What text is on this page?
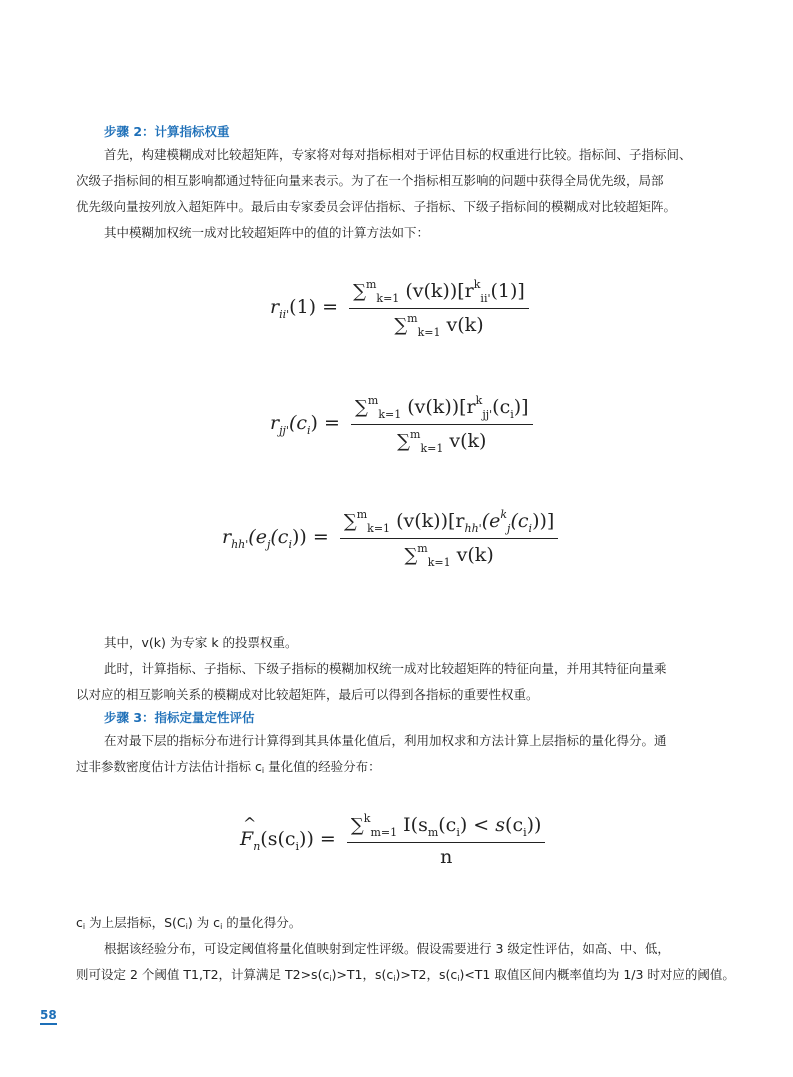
步骤 2：计算指标权重
首先，构建模糊成对比较超矩阵，专家将对每对指标相对于评估目标的权重进行比较。指标间、子指标间、
次级子指标间的相互影响都通过特征向量来表示。为了在一个指标相互影响的问题中获得全局优先级，局部
优先级向量按列放入超矩阵中。最后由专家委员会评估指标、子指标、下级子指标间的模糊成对比较超矩阵。
其中模糊加权统一成对比较超矩阵中的值的计算方法如下：
$r_{ii'}(1) = \frac{\sum^m_{k=1} (v(k))[r^k_{ii'}(1)]}{\sum^m_{k=1} v(k)}$
$r_{jj'}(c_i) = \frac{\sum^m_{k=1} (v(k))[r^k_{jj'}(c_i)]}{\sum^m_{k=1} v(k)}$
$r_{hh'}(e_j(c_i)) = \frac{\sum^m_{k=1} (v(k))[r_{hh'}(e^k_j(c_i))]}{\sum^m_{k=1} v(k)}$
其中，v(k) 为专家 k 的投票权重。
此时，计算指标、子指标、下级子指标的模糊加权统一成对比较超矩阵的特征向量，并用其特征向量乘
以对应的相互影响关系的模糊成对比较超矩阵，最后可以得到各指标的重要性权重。
步骤 3：指标定量定性评估
在对最下层的指标分布进行计算得到其具体量化值后，利用加权求和方法计算上层指标的量化得分。通
过非参数密度估计方法估计指标 $c_i$ 量化值的经验分布：
^
$F_n(s(c_i)) = \frac{\sum^k_{m=1} I(s_m(c_i) < s(c_i))}{n}$
$c_i$ 为上层指标，$S(C_i)$ 为 $c_i$ 的量化得分。
根据该经验分布，可设定阈值将量化值映射到定性评级。假设需要进行 3 级定性评估，如高、中、低，
则可设定 2 个阈值 T1,T2，计算满足 $T2>s(c_i)>T1$，$s(c_i)>T2$，$s(c_i)<T1$ 取值区间内概率值均为 1/3 时对应的阈值。
58
